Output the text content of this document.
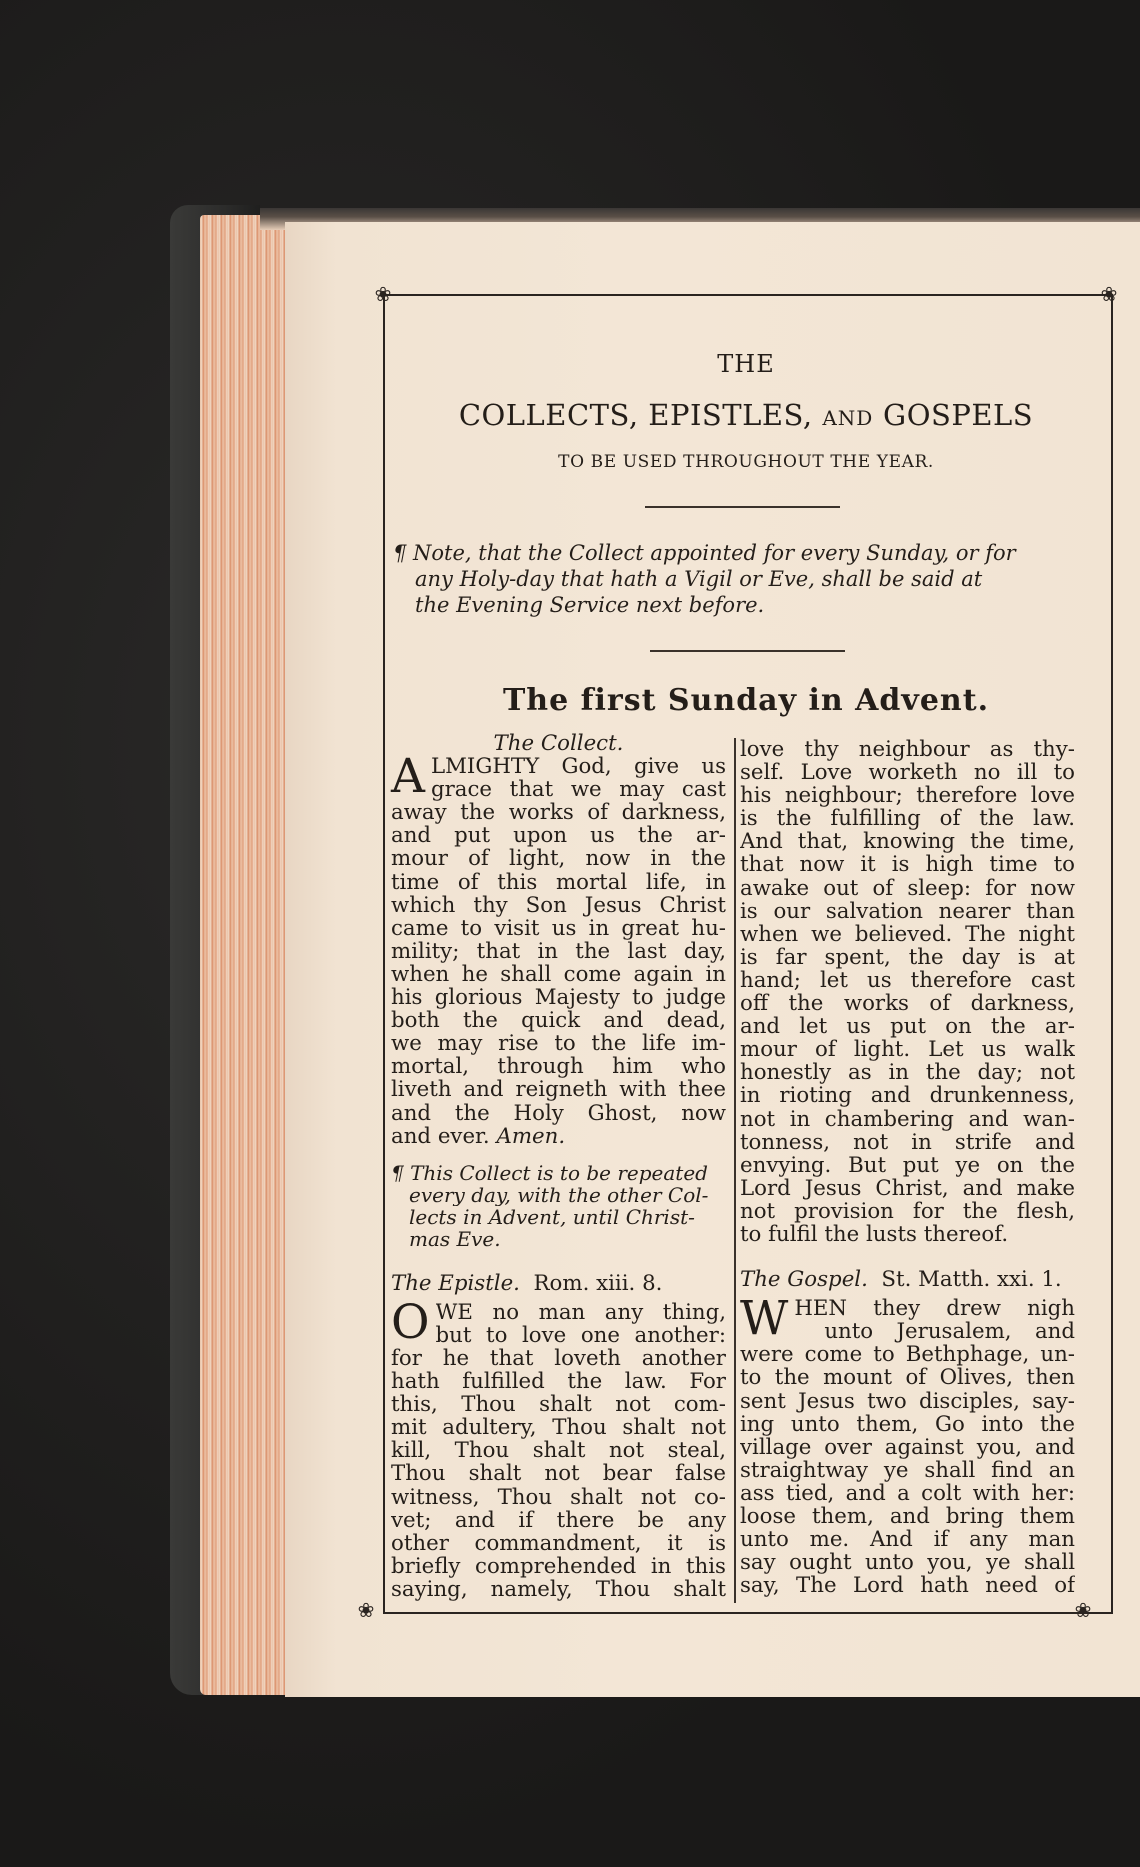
❀	❀
❀	❀
THE
COLLECTS, EPISTLES, AND GOSPELS
TO BE USED THROUGHOUT THE YEAR.
¶ Note, that the Collect appointed for every Sunday, or for
any Holy-day that hath a Vigil or Eve, shall be said at
the Evening Service next before.
The first Sunday in Advent.
The Collect.
A LMIGHTY God, give us
grace that we may cast
away the works of darkness,
and put upon us the ar-
mour of light, now in the
time of this mortal life, in
which thy Son Jesus Christ
came to visit us in great hu-
mility; that in the last day,
when he shall come again in
his glorious Majesty to judge
both the quick and dead,
we may rise to the life im-
mortal, through him who
liveth and reigneth with thee
and the Holy Ghost, now
and ever. Amen.
¶ This Collect is to be repeated
every day, with the other Col-
lects in Advent, until Christ-
mas Eve.
The Epistle. Rom. xiii. 8.
O WE no man any thing,
but to love one another:
for he that loveth another
hath fulfilled the law. For
this, Thou shalt not com-
mit adultery, Thou shalt not
kill, Thou shalt not steal,
Thou shalt not bear false
witness, Thou shalt not co-
vet; and if there be any
other commandment, it is
briefly comprehended in this
saying, namely, Thou shalt
love thy neighbour as thy-
self. Love worketh no ill to
his neighbour; therefore love
is the fulfilling of the law.
And that, knowing the time,
that now it is high time to
awake out of sleep: for now
is our salvation nearer than
when we believed. The night
is far spent, the day is at
hand; let us therefore cast
off the works of darkness,
and let us put on the ar-
mour of light. Let us walk
honestly as in the day; not
in rioting and drunkenness,
not in chambering and wan-
tonness, not in strife and
envying. But put ye on the
Lord Jesus Christ, and make
not provision for the flesh,
to fulfil the lusts thereof.
The Gospel. St. Matth. xxi. 1.
W HEN they drew nigh
unto Jerusalem, and
were come to Bethphage, un-
to the mount of Olives, then
sent Jesus two disciples, say-
ing unto them, Go into the
village over against you, and
straightway ye shall find an
ass tied, and a colt with her:
loose them, and bring them
unto me. And if any man
say ought unto you, ye shall
say, The Lord hath need of
